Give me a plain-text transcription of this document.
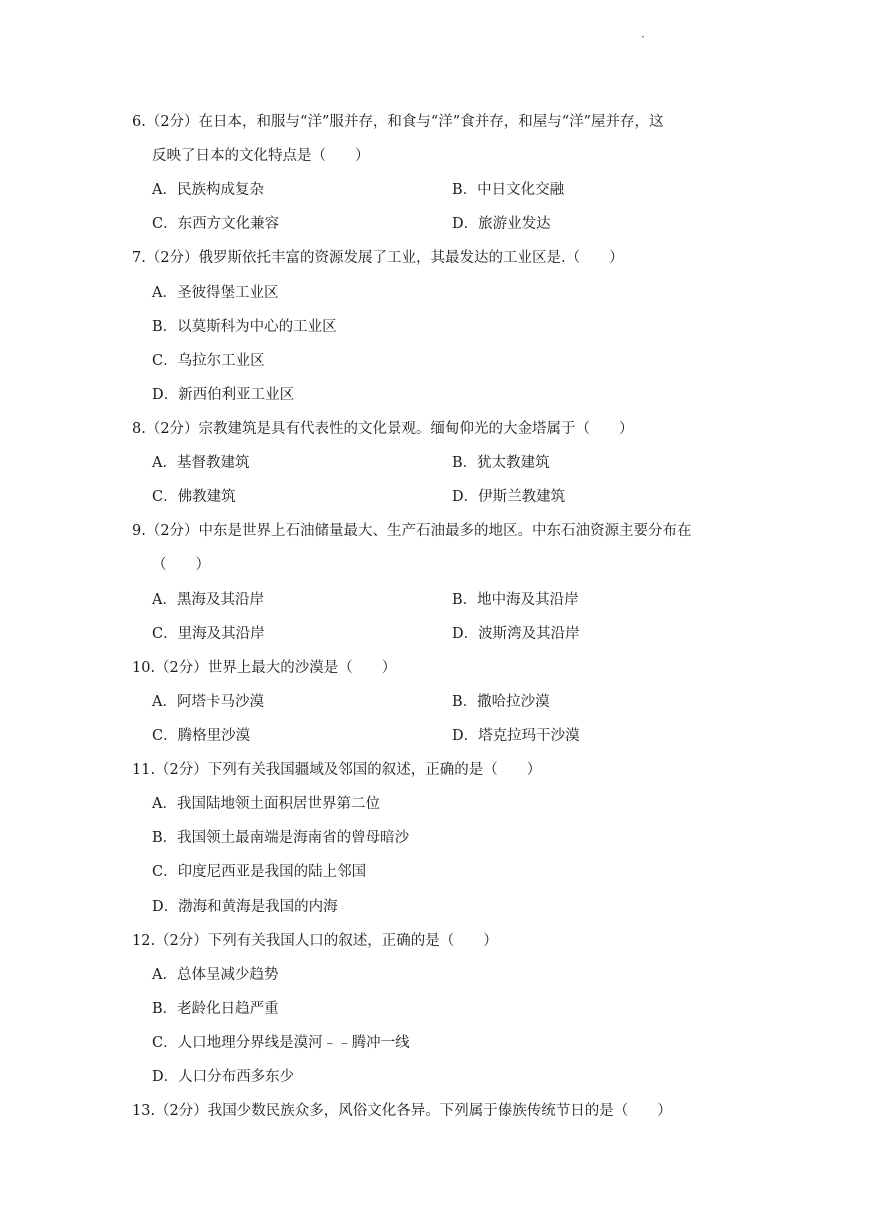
·
6.（2分）在日本，和服与“洋”服并存，和食与“洋”食并存，和屋与“洋”屋并存，这
反映了日本的文化特点是（　　）
A．民族构成复杂	B．中日文化交融
C．东西方文化兼容	D．旅游业发达
7.（2分）俄罗斯依托丰富的资源发展了工业，其最发达的工业区是.（　　）
A．圣彼得堡工业区
B．以莫斯科为中心的工业区
C．乌拉尔工业区
D．新西伯利亚工业区
8.（2分）宗教建筑是具有代表性的文化景观。缅甸仰光的大金塔属于（　　）
A．基督教建筑	B．犹太教建筑
C．佛教建筑	D．伊斯兰教建筑
9.（2分）中东是世界上石油储量最大、生产石油最多的地区。中东石油资源主要分布在
（　　）
A．黑海及其沿岸	B．地中海及其沿岸
C．里海及其沿岸	D．波斯湾及其沿岸
10.（2分）世界上最大的沙漠是（　　）
A．阿塔卡马沙漠	B．撒哈拉沙漠
C．腾格里沙漠	D．塔克拉玛干沙漠
11.（2分）下列有关我国疆域及邻国的叙述，正确的是（　　）
A．我国陆地领土面积居世界第二位
B．我国领土最南端是海南省的曾母暗沙
C．印度尼西亚是我国的陆上邻国
D．渤海和黄海是我国的内海
12.（2分）下列有关我国人口的叙述，正确的是（　　）
A．总体呈减少趋势
B．老龄化日趋严重
C．人口地理分界线是漠河﹣﹣腾冲一线
D．人口分布西多东少
13.（2分）我国少数民族众多，风俗文化各异。下列属于傣族传统节日的是（　　）
